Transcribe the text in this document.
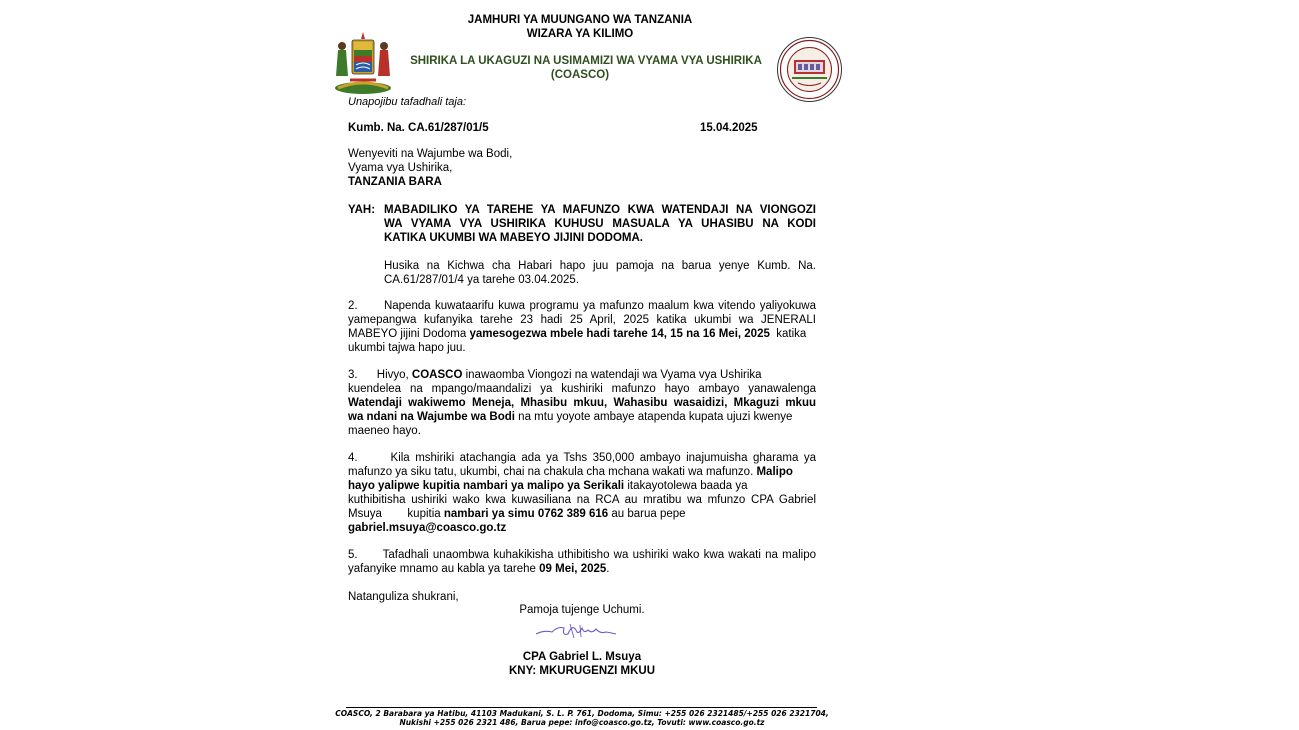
JAMHURI YA MUUNGANO WA TANZANIA
WIZARA YA KILIMO
SHIRIKA LA UKAGUZI NA USIMAMIZI WA VYAMA VYA USHIRIKA
(COASCO)
Unapojibu tafadhali taja:
Kumb. Na. CA.61/287/01/5	15.04.2025
Wenyeviti na Wajumbe wa Bodi,
Vyama vya Ushirika,
TANZANIA BARA
YAH: MABADILIKO YA TAREHE YA MAFUNZO KWA WATENDAJI NA VIONGOZI
WA VYAMA VYA USHIRIKA KUHUSU MASUALA YA UHASIBU NA KODI
KATIKA UKUMBI WA MABEYO JIJINI DODOMA.
Husika na Kichwa cha Habari hapo juu pamoja na barua yenye Kumb. Na.
CA.61/287/01/4 ya tarehe 03.04.2025.
2.      Napenda kuwataarifu kuwa programu ya mafunzo maalum kwa vitendo yaliyokuwa
yamepangwa kufanyika tarehe 23 hadi 25 April, 2025 katika ukumbi wa JENERALI
MABEYO jijini Dodoma yamesogezwa mbele hadi tarehe 14, 15 na 16 Mei, 2025  katika
ukumbi tajwa hapo juu.
3.      Hivyo, COASCO inawaomba Viongozi na watendaji wa Vyama vya Ushirika
kuendelea na mpango/maandalizi ya kushiriki mafunzo hayo ambayo yanawalenga
Watendaji wakiwemo Meneja, Mhasibu mkuu, Wahasibu wasaidizi, Mkaguzi mkuu
wa ndani na Wajumbe wa Bodi na mtu yoyote ambaye atapenda kupata ujuzi kwenye
maeneo hayo.
4.      Kila mshiriki atachangia ada ya Tshs 350,000 ambayo inajumuisha gharama ya
mafunzo ya siku tatu, ukumbi, chai na chakula cha mchana wakati wa mafunzo. Malipo
hayo yalipwe kupitia nambari ya malipo ya Serikali itakayotolewa baada ya
kuthibitisha ushiriki wako kwa kuwasiliana na RCA au mratibu wa mfunzo CPA Gabriel
Msuya        kupitia nambari ya simu 0762 389 616 au barua pepe
gabriel.msuya@coasco.go.tz
5.      Tafadhali unaombwa kuhakikisha uthibitisho wa ushiriki wako kwa wakati na malipo
yafanyike mnamo au kabla ya tarehe 09 Mei, 2025.
Natanguliza shukrani,
Pamoja tujenge Uchumi.
CPA Gabriel L. Msuya
KNY: MKURUGENZI MKUU
COASCO, 2 Barabara ya Hatibu, 41103 Madukani, S. L. P. 761, Dodoma, Simu: +255 026 2321485/+255 026 2321704,
Nukishi +255 026 2321 486, Barua pepe: info@coasco.go.tz, Tovuti: www.coasco.go.tz
